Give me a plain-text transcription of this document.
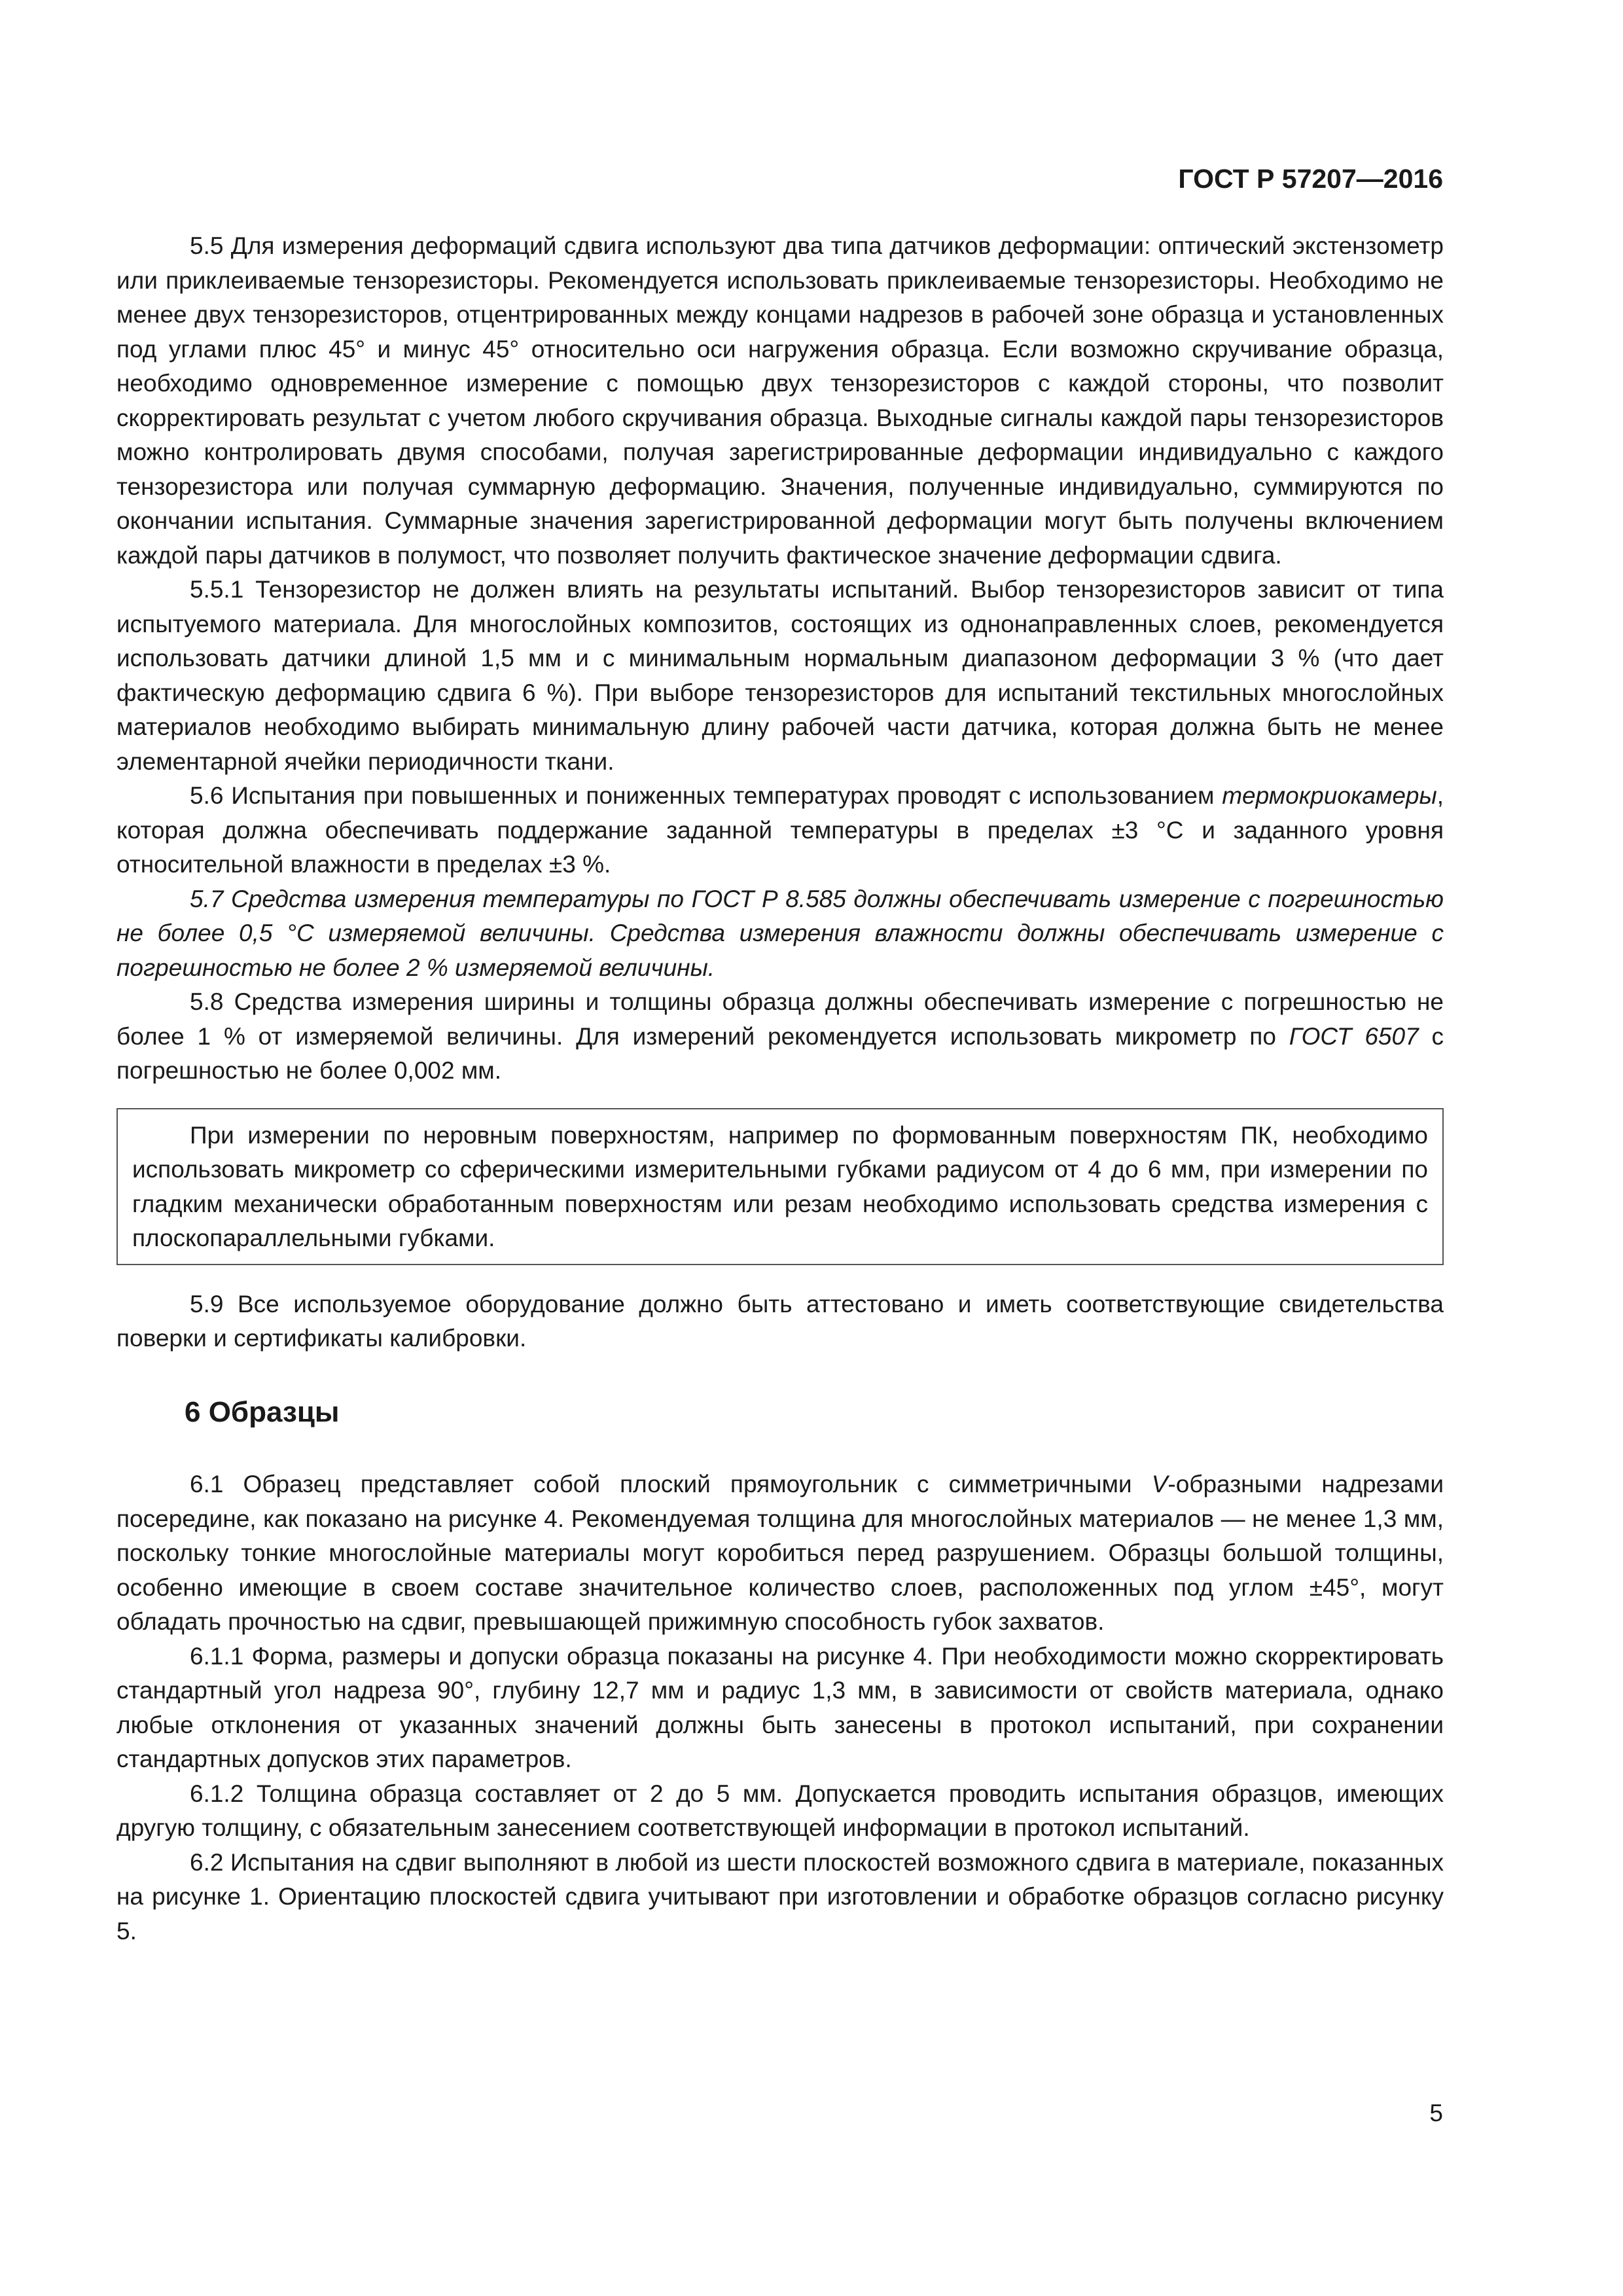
ГОСТ Р 57207—2016

5.5 Для измерения деформаций сдвига используют два типа датчиков деформации: оптический экстензометр или приклеиваемые тензорезисторы. Рекомендуется использовать приклеиваемые тензорезисторы. Необходимо не менее двух тензорезисторов, отцентрированных между концами надрезов в рабочей зоне образца и установленных под углами плюс 45° и минус 45° относительно оси нагружения образца. Если возможно скручивание образца, необходимо одновременное измерение с помощью двух тензорезисторов с каждой стороны, что позволит скорректировать результат с учетом любого скручивания образца. Выходные сигналы каждой пары тензорезисторов можно контролировать двумя способами, получая зарегистрированные деформации индивидуально с каждого тензорезистора или получая суммарную деформацию. Значения, полученные индивидуально, суммируются по окончании испытания. Суммарные значения зарегистрированной деформации могут быть получены включением каждой пары датчиков в полумост, что позволяет получить фактическое значение деформации сдвига.

5.5.1 Тензорезистор не должен влиять на результаты испытаний. Выбор тензорезисторов зависит от типа испытуемого материала. Для многослойных композитов, состоящих из однонаправленных слоев, рекомендуется использовать датчики длиной 1,5 мм и с минимальным нормальным диапазоном деформации 3 % (что дает фактическую деформацию сдвига 6 %). При выборе тензорезисторов для испытаний текстильных многослойных материалов необходимо выбирать минимальную длину рабочей части датчика, которая должна быть не менее элементарной ячейки периодичности ткани.

5.6 Испытания при повышенных и пониженных температурах проводят с использованием термокриокамеры, которая должна обеспечивать поддержание заданной температуры в пределах ±3 °C и заданного уровня относительной влажности в пределах ±3 %.

5.7 Средства измерения температуры по ГОСТ Р 8.585 должны обеспечивать измерение с погрешностью не более 0,5 °C измеряемой величины. Средства измерения влажности должны обеспечивать измерение с погрешностью не более 2 % измеряемой величины.

5.8 Средства измерения ширины и толщины образца должны обеспечивать измерение с погрешностью не более 1 % от измеряемой величины. Для измерений рекомендуется использовать микрометр по ГОСТ 6507 с погрешностью не более 0,002 мм.

При измерении по неровным поверхностям, например по формованным поверхностям ПК, необходимо использовать микрометр со сферическими измерительными губками радиусом от 4 до 6 мм, при измерении по гладким механически обработанным поверхностям или резам необходимо использовать средства измерения с плоскопараллельными губками.

5.9 Все используемое оборудование должно быть аттестовано и иметь соответствующие свидетельства поверки и сертификаты калибровки.

6 Образцы

6.1 Образец представляет собой плоский прямоугольник с симметричными V-образными надрезами посередине, как показано на рисунке 4. Рекомендуемая толщина для многослойных материалов — не менее 1,3 мм, поскольку тонкие многослойные материалы могут коробиться перед разрушением. Образцы большой толщины, особенно имеющие в своем составе значительное количество слоев, расположенных под углом ±45°, могут обладать прочностью на сдвиг, превышающей прижимную способность губок захватов.

6.1.1 Форма, размеры и допуски образца показаны на рисунке 4. При необходимости можно скорректировать стандартный угол надреза 90°, глубину 12,7 мм и радиус 1,3 мм, в зависимости от свойств материала, однако любые отклонения от указанных значений должны быть занесены в протокол испытаний, при сохранении стандартных допусков этих параметров.

6.1.2 Толщина образца составляет от 2 до 5 мм. Допускается проводить испытания образцов, имеющих другую толщину, с обязательным занесением соответствующей информации в протокол испытаний.

6.2 Испытания на сдвиг выполняют в любой из шести плоскостей возможного сдвига в материале, показанных на рисунке 1. Ориентацию плоскостей сдвига учитывают при изготовлении и обработке образцов согласно рисунку 5.

5
